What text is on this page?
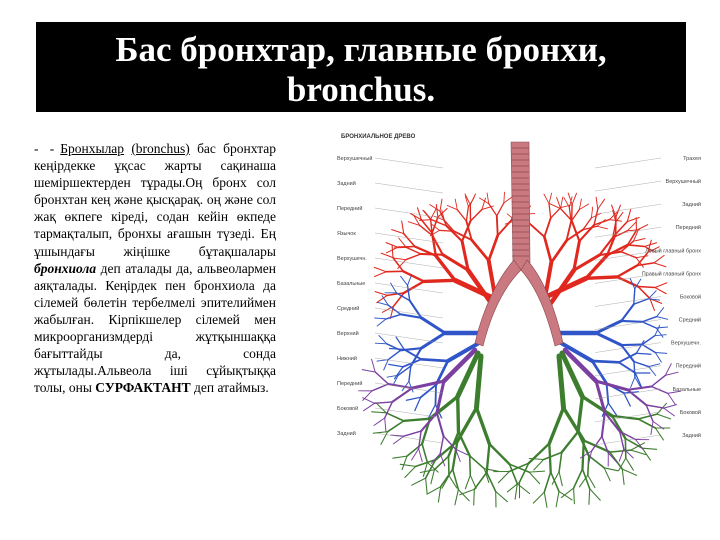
Бас бронхтар, главные бронхи,
bronchus.
- - Бронхылар (bronchus) бас бронхтар кеңірдекке ұқсас жарты сақинаша шеміршектерден тұрады.Оң бронх сол бронхтан кең және қысқарақ. оң және сол жақ өкпеге кіреді, содан кейін өкпеде тармақталып, бронхы ағашын түзеді. Ең ұшындағы жіңішке бұтақшалары бронхиола деп аталады да, альвеолармен аяқталады. Кеңірдек пен бронхиола да сілемей бөлетін тербелмелі эпителиймен жабылған. Кірпікшелер сілемей мен микроорганизмдерді жұтқыншаққа бағыттайды да, сонда жұтылады.Альвеола іші сұйықтыққа толы, оны СУРФАКТАНТ деп атаймыз.
БРОНХИАЛЬНОЕ ДРЕВО
Верхушечный
Задний
Передний
Язычок
Верхушечн.
Базальные
Средний
Верхний
Нижний
Передний
Боковой
Задний
Трахея
Верхушечный
Задний
Передний
Левый главный бронх
Правый главный бронх
Боковой
Средний
Верхушечн.
Передний
Базальные
Боковой
Задний
